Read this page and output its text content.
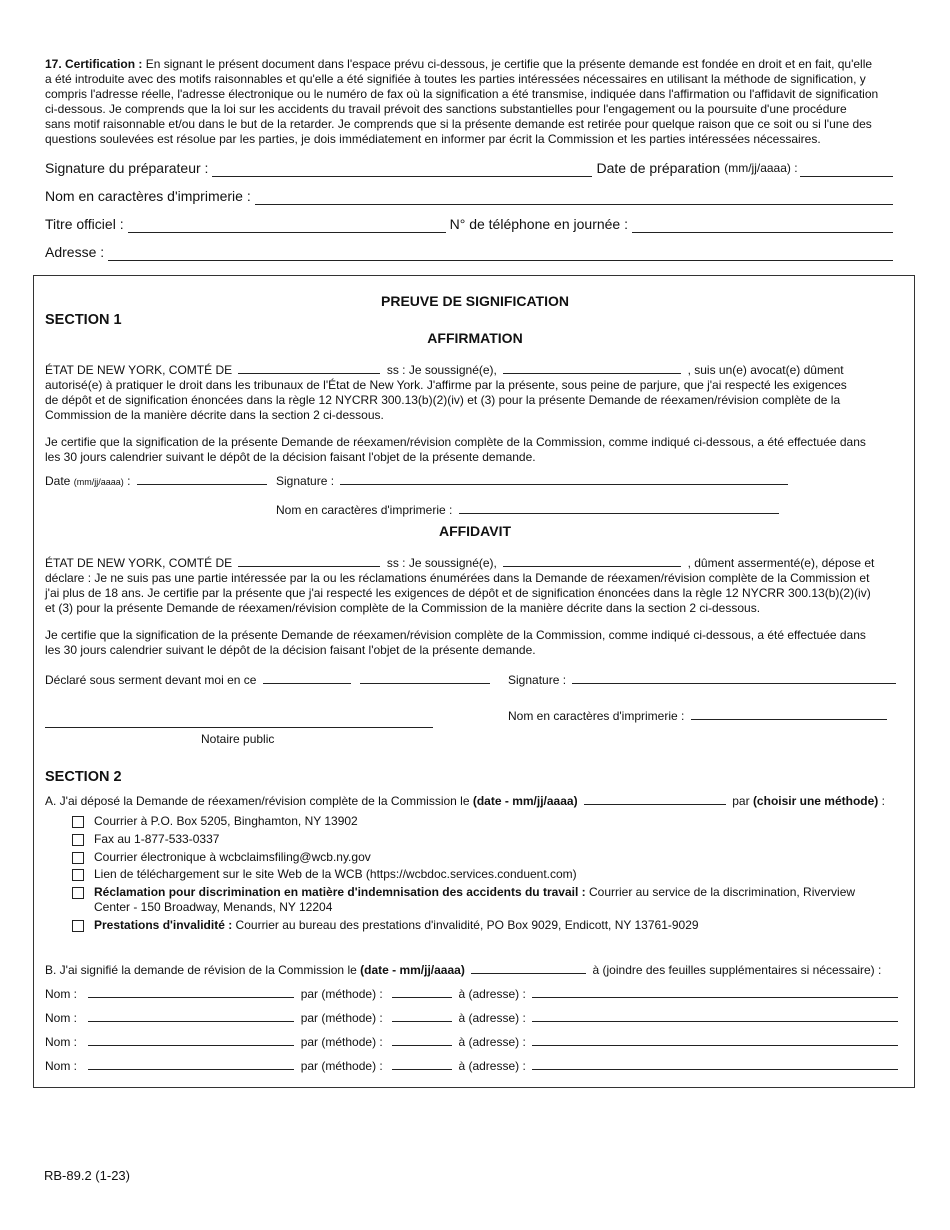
17. Certification : En signant le présent document dans l'espace prévu ci-dessous, je certifie que la présente demande est fondée en droit et en fait, qu'elle
a été introduite avec des motifs raisonnables et qu'elle a été signifiée à toutes les parties intéressées nécessaires en utilisant la méthode de signification, y
compris l'adresse réelle, l'adresse électronique ou le numéro de fax où la signification a été transmise, indiquée dans l'affirmation ou l'affidavit de signification
ci-dessous. Je comprends que la loi sur les accidents du travail prévoit des sanctions substantielles pour l'engagement ou la poursuite d'une procédure
sans motif raisonnable et/ou dans le but de la retarder. Je comprends que si la présente demande est retirée pour quelque raison que ce soit ou si l'une des
questions soulevées est résolue par les parties, je dois immédiatement en informer par écrit la Commission et les parties intéressées nécessaires.
Signature du préparateur :	Date de préparation (mm/jj/aaaa) :
Nom en caractères d'imprimerie :
Titre officiel :	N° de téléphone en journée :
Adresse :
PREUVE DE SIGNIFICATION
SECTION 1
AFFIRMATION
ÉTAT DE NEW YORK, COMTÉ DE	ss : Je soussigné(e),	, suis un(e) avocat(e) dûment
autorisé(e) à pratiquer le droit dans les tribunaux de l'État de New York. J'affirme par la présente, sous peine de parjure, que j'ai respecté les exigences
de dépôt et de signification énoncées dans la règle 12 NYCRR 300.13(b)(2)(iv) et (3) pour la présente Demande de réexamen/révision complète de la
Commission de la manière décrite dans la section 2 ci-dessous.
Je certifie que la signification de la présente Demande de réexamen/révision complète de la Commission, comme indiqué ci-dessous, a été effectuée dans
les 30 jours calendrier suivant le dépôt de la décision faisant l'objet de la présente demande.
Date (mm/jj/aaaa) :	Signature :
Nom en caractères d'imprimerie :
AFFIDAVIT
ÉTAT DE NEW YORK, COMTÉ DE	ss : Je soussigné(e),	, dûment assermenté(e), dépose et
déclare : Je ne suis pas une partie intéressée par la ou les réclamations énumérées dans la Demande de réexamen/révision complète de la Commission et
j'ai plus de 18 ans. Je certifie par la présente que j'ai respecté les exigences de dépôt et de signification énoncées dans la règle 12 NYCRR 300.13(b)(2)(iv)
et (3) pour la présente Demande de réexamen/révision complète de la Commission de la manière décrite dans la section 2 ci-dessous.
Je certifie que la signification de la présente Demande de réexamen/révision complète de la Commission, comme indiqué ci-dessous, a été effectuée dans
les 30 jours calendrier suivant le dépôt de la décision faisant l'objet de la présente demande.
Déclaré sous serment devant moi en ce	Signature :
Nom en caractères d'imprimerie :
Notaire public
SECTION 2
A. J'ai déposé la Demande de réexamen/révision complète de la Commission le (date - mm/jj/aaaa)	par (choisir une méthode) :
Courrier à P.O. Box 5205, Binghamton, NY 13902
Fax au 1-877-533-0337
Courrier électronique à wcbclaimsfiling@wcb.ny.gov
Lien de téléchargement sur le site Web de la WCB (https://wcbdoc.services.conduent.com)
Réclamation pour discrimination en matière d'indemnisation des accidents du travail : Courrier au service de la discrimination, Riverview
Center - 150 Broadway, Menands, NY 12204
Prestations d'invalidité : Courrier au bureau des prestations d'invalidité, PO Box 9029, Endicott, NY 13761-9029
B. J'ai signifié la demande de révision de la Commission le (date - mm/jj/aaaa)	à (joindre des feuilles supplémentaires si nécessaire) :
Nom :	par (méthode) :	à (adresse) :
Nom :	par (méthode) :	à (adresse) :
Nom :	par (méthode) :	à (adresse) :
Nom :	par (méthode) :	à (adresse) :
RB-89.2 (1-23)
